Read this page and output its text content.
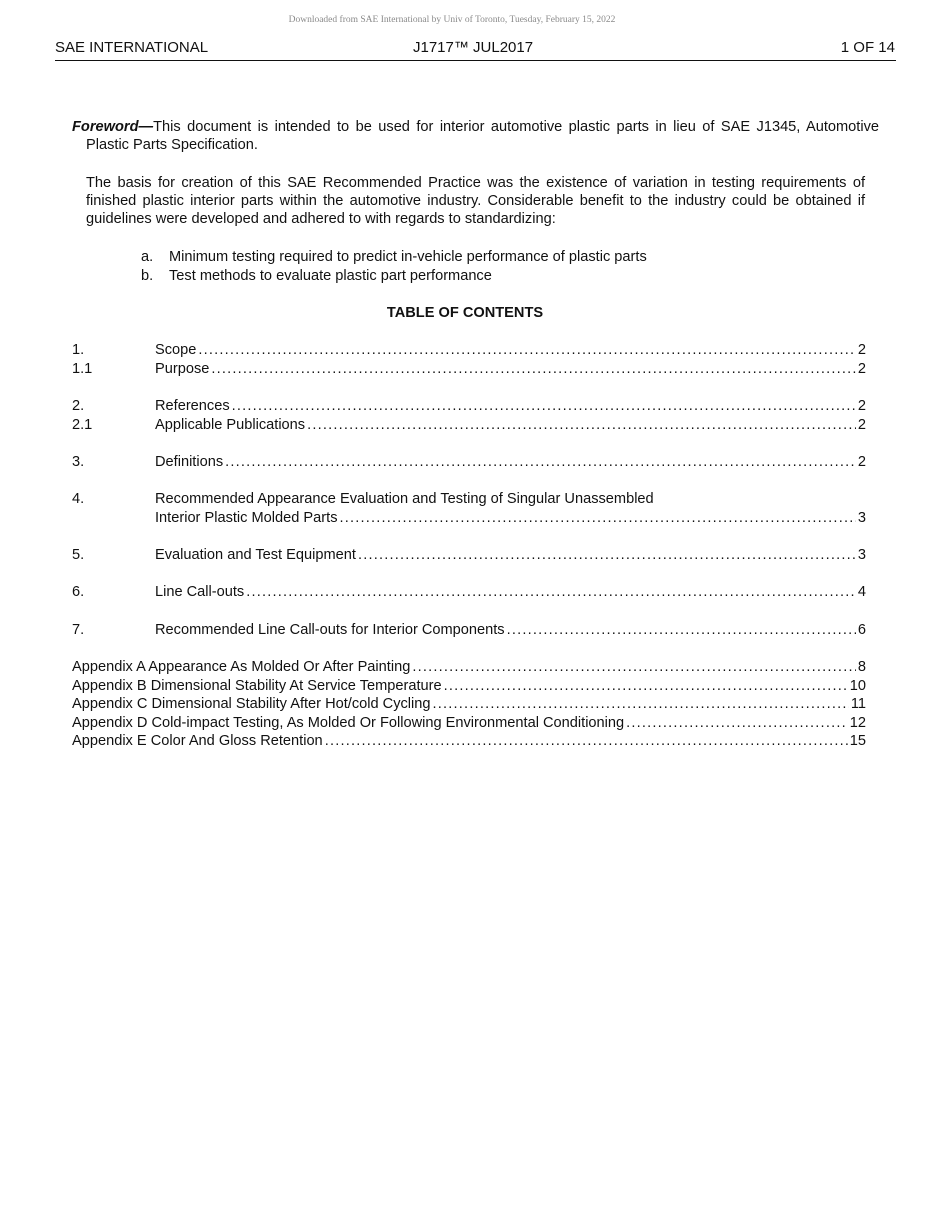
Downloaded from SAE International by Univ of Toronto, Tuesday, February 15, 2022
SAE INTERNATIONAL	J1717™ JUL2017	1 OF 14

Foreword—This document is intended to be used for interior automotive plastic parts in lieu of SAE J1345, Automotive Plastic Parts Specification.

The basis for creation of this SAE Recommended Practice was the existence of variation in testing requirements of finished plastic interior parts within the automotive industry. Considerable benefit to the industry could be obtained if guidelines were developed and adhered to with regards to standardizing:

a. Minimum testing required to predict in-vehicle performance of plastic parts
b. Test methods to evaluate plastic part performance
TABLE OF CONTENTS
1.	Scope .....	2
1.1	Purpose .....	2
2.	References .....	2
2.1	Applicable Publications .....	2
3.	Definitions .....	2
4.	Recommended Appearance Evaluation and Testing of Singular Unassembled
Interior Plastic Molded Parts .....	3
5.	Evaluation and Test Equipment .....	3
6.	Line Call-outs .....	4
7.	Recommended Line Call-outs for Interior Components .....	6
Appendix A Appearance As Molded Or After Painting .....	8
Appendix B Dimensional Stability At Service Temperature .....	10
Appendix C Dimensional Stability After Hot/cold Cycling .....	11
Appendix D Cold-impact Testing, As Molded Or Following Environmental Conditioning .....	12
Appendix E Color And Gloss Retention .....	15
